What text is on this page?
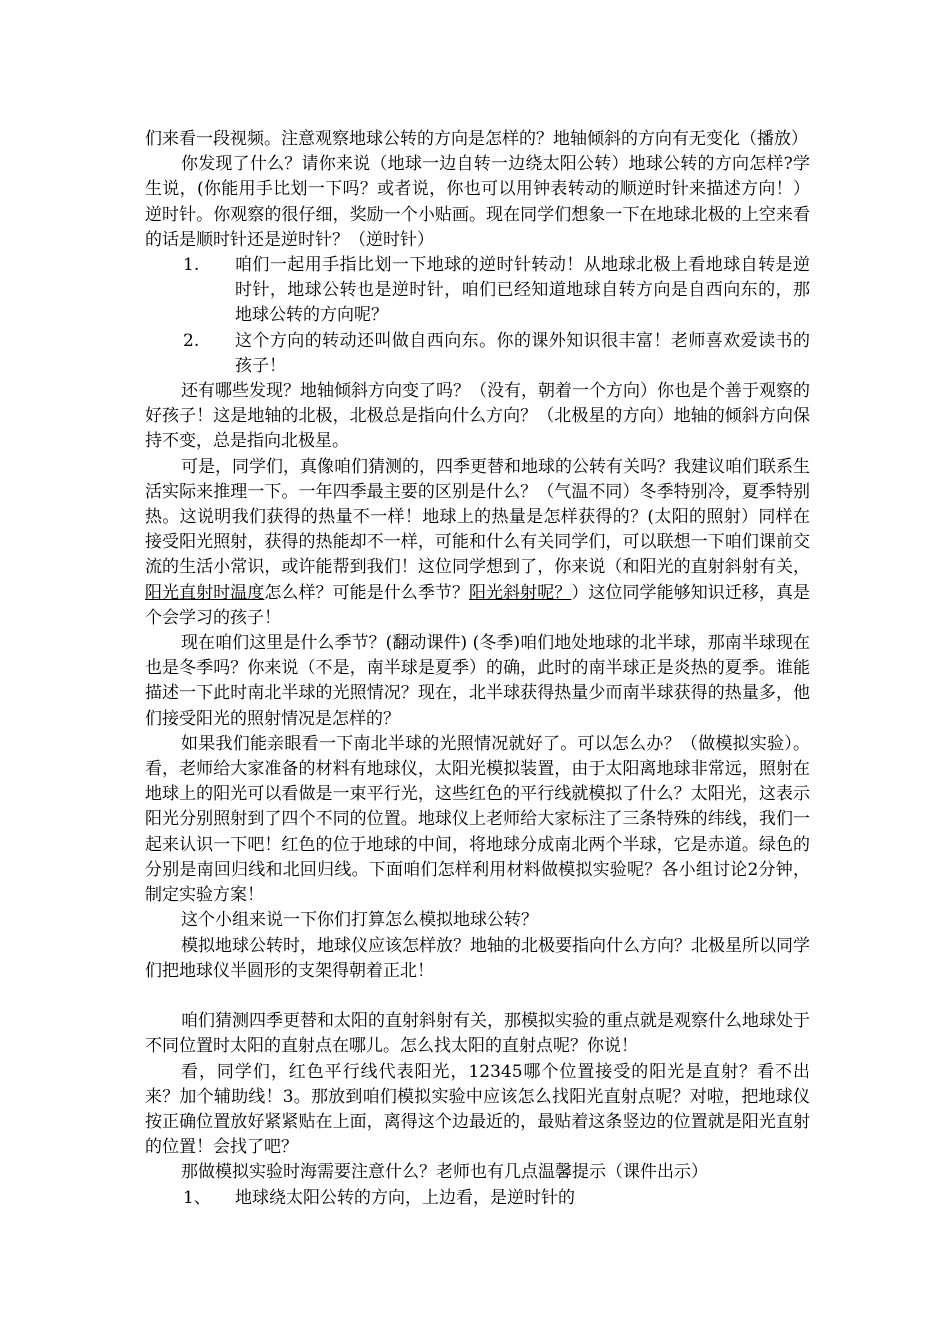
们来看一段视频。注意观察地球公转的方向是怎样的？地轴倾斜的方向有无变化（播放）

你发现了什么？请你来说（地球一边自转一边绕太阳公转）地球公转的方向怎样?学生说，(你能用手比划一下吗？或者说，你也可以用钟表转动的顺逆时针来描述方向！）逆时针。你观察的很仔细，奖励一个小贴画。现在同学们想象一下在地球北极的上空来看的话是顺时针还是逆时针？（逆时针）

1.	咱们一起用手指比划一下地球的逆时针转动！从地球北极上看地球自转是逆时针，地球公转也是逆时针，咱们已经知道地球自转方向是自西向东的，那地球公转的方向呢？
2.	这个方向的转动还叫做自西向东。你的课外知识很丰富！老师喜欢爱读书的孩子！

还有哪些发现？地轴倾斜方向变了吗？（没有，朝着一个方向）你也是个善于观察的好孩子！这是地轴的北极，北极总是指向什么方向？（北极星的方向）地轴的倾斜方向保持不变，总是指向北极星。

可是，同学们，真像咱们猜测的，四季更替和地球的公转有关吗？我建议咱们联系生活实际来推理一下。一年四季最主要的区别是什么？（气温不同）冬季特别冷，夏季特别热。这说明我们获得的热量不一样！地球上的热量是怎样获得的？(太阳的照射）同样在接受阳光照射，获得的热能却不一样，可能和什么有关同学们，可以联想一下咱们课前交流的生活小常识，或许能帮到我们！这位同学想到了，你来说（和阳光的直射斜射有关，阳光直射时温度怎么样？可能是什么季节？阳光斜射呢？）这位同学能够知识迁移，真是个会学习的孩子！

现在咱们这里是什么季节？(翻动课件) (冬季)咱们地处地球的北半球，那南半球现在也是冬季吗？你来说（不是，南半球是夏季）的确，此时的南半球正是炎热的夏季。谁能描述一下此时南北半球的光照情况？现在，北半球获得热量少而南半球获得的热量多，他们接受阳光的照射情况是怎样的？

如果我们能亲眼看一下南北半球的光照情况就好了。可以怎么办？（做模拟实验）。看，老师给大家准备的材料有地球仪，太阳光模拟装置，由于太阳离地球非常远，照射在地球上的阳光可以看做是一束平行光，这些红色的平行线就模拟了什么？太阳光，这表示阳光分别照射到了四个不同的位置。地球仪上老师给大家标注了三条特殊的纬线，我们一起来认识一下吧！红色的位于地球的中间，将地球分成南北两个半球，它是赤道。绿色的分别是南回归线和北回归线。下面咱们怎样利用材料做模拟实验呢？各小组讨论2分钟，制定实验方案！

这个小组来说一下你们打算怎么模拟地球公转？

模拟地球公转时，地球仪应该怎样放？地轴的北极要指向什么方向？北极星所以同学们把地球仪半圆形的支架得朝着正北！

咱们猜测四季更替和太阳的直射斜射有关，那模拟实验的重点就是观察什么地球处于不同位置时太阳的直射点在哪儿。怎么找太阳的直射点呢？你说！

看，同学们，红色平行线代表阳光，12345哪个位置接受的阳光是直射？看不出来？加个辅助线！3。那放到咱们模拟实验中应该怎么找阳光直射点呢？对啦，把地球仪按正确位置放好紧紧贴在上面，离得这个边最近的，最贴着这条竖边的位置就是阳光直射的位置！会找了吧？

那做模拟实验时海需要注意什么？老师也有几点温馨提示（课件出示）

1、	地球绕太阳公转的方向，上边看，是逆时针的
